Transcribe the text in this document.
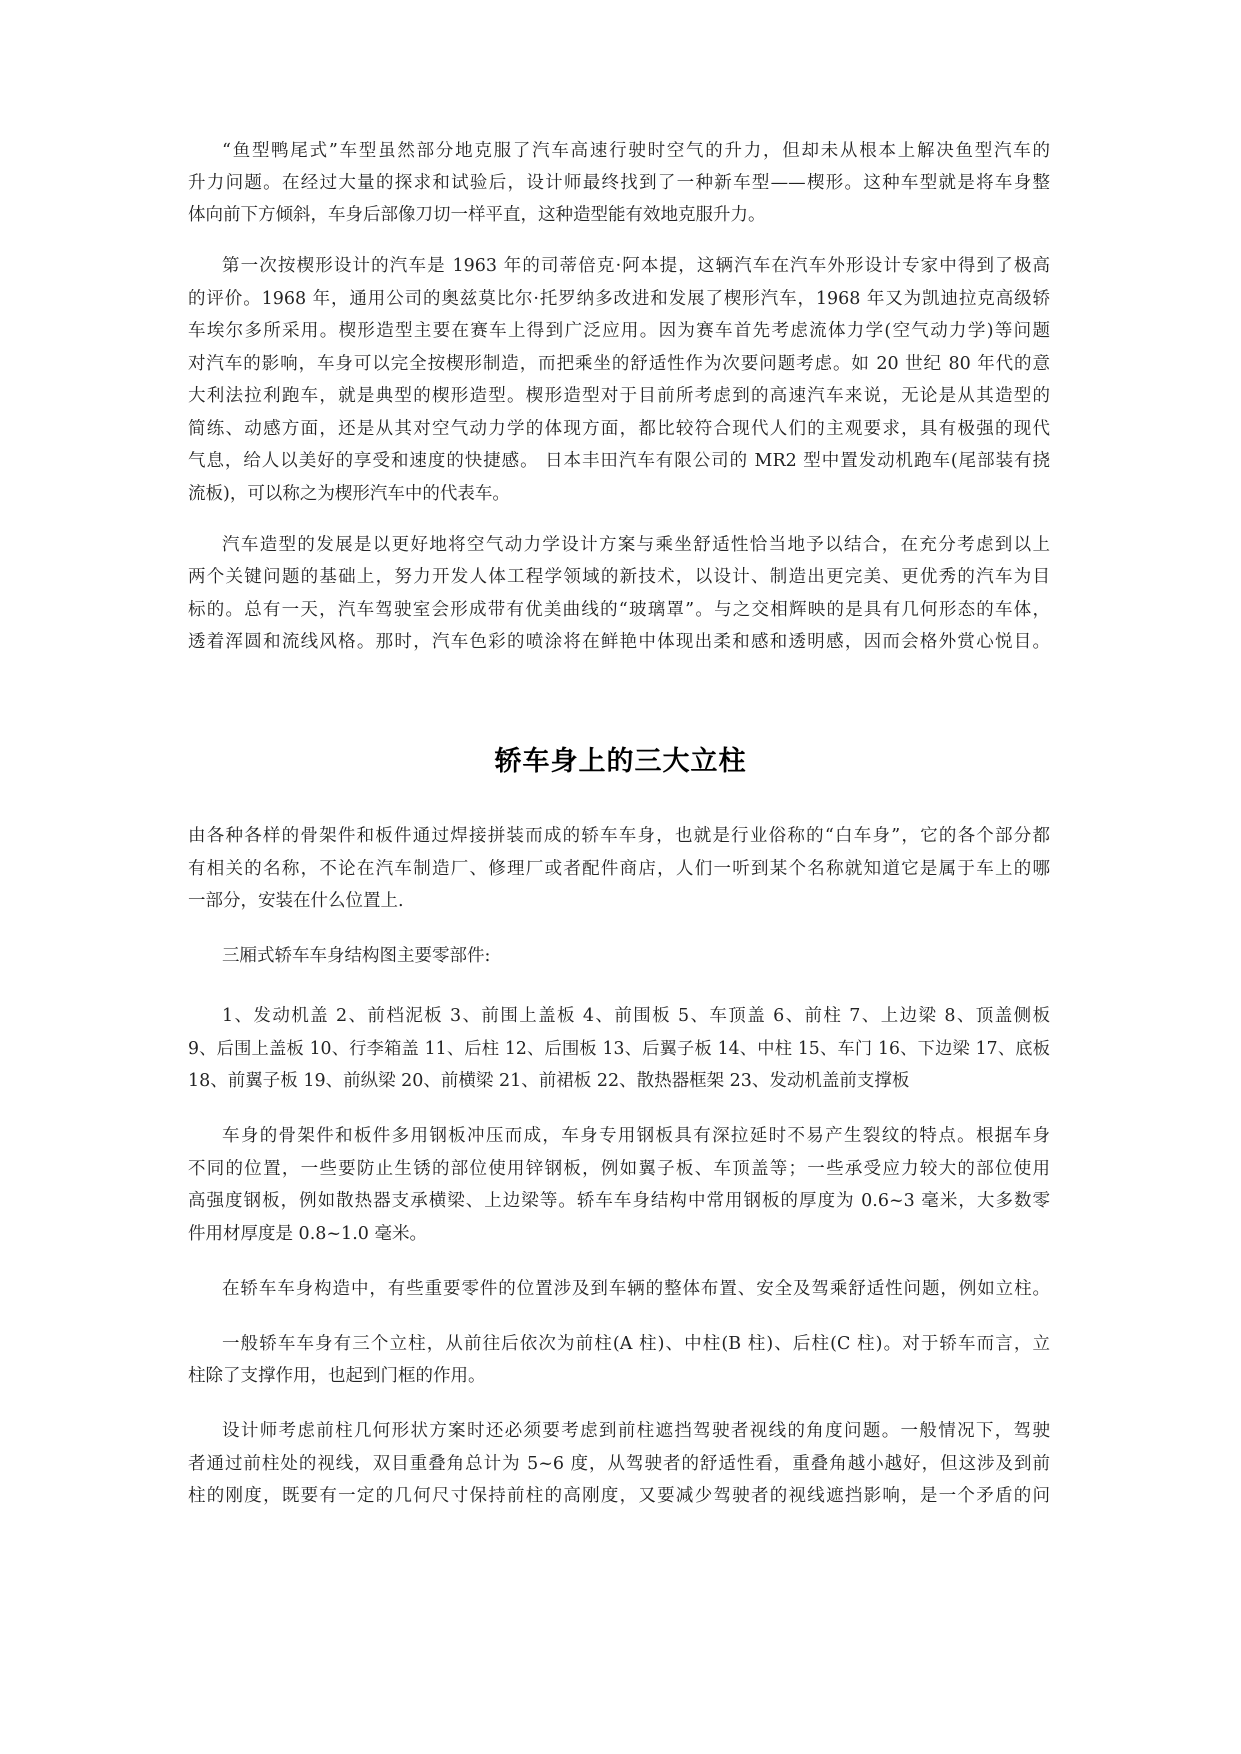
“鱼型鸭尾式”车型虽然部分地克服了汽车高速行驶时空气的升力，但却未从根本上解决鱼型汽车的
升力问题。在经过大量的探求和试验后，设计师最终找到了一种新车型——楔形。这种车型就是将车身整
体向前下方倾斜，车身后部像刀切一样平直，这种造型能有效地克服升力。
第一次按楔形设计的汽车是 1963 年的司蒂倍克·阿本提，这辆汽车在汽车外形设计专家中得到了极高
的评价。1968 年，通用公司的奥兹莫比尔·托罗纳多改进和发展了楔形汽车，1968 年又为凯迪拉克高级轿
车埃尔多所采用。楔形造型主要在赛车上得到广泛应用。因为赛车首先考虑流体力学(空气动力学)等问题
对汽车的影响，车身可以完全按楔形制造，而把乘坐的舒适性作为次要问题考虑。如 20 世纪 80 年代的意
大利法拉利跑车，就是典型的楔形造型。楔形造型对于目前所考虑到的高速汽车来说，无论是从其造型的
简练、动感方面，还是从其对空气动力学的体现方面，都比较符合现代人们的主观要求，具有极强的现代
气息，给人以美好的享受和速度的快捷感。 日本丰田汽车有限公司的 MR2 型中置发动机跑车(尾部装有挠
流板)，可以称之为楔形汽车中的代表车。
汽车造型的发展是以更好地将空气动力学设计方案与乘坐舒适性恰当地予以结合，在充分考虑到以上
两个关键问题的基础上，努力开发人体工程学领域的新技术，以设计、制造出更完美、更优秀的汽车为目
标的。总有一天，汽车驾驶室会形成带有优美曲线的“玻璃罩”。与之交相辉映的是具有几何形态的车体，
透着浑圆和流线风格。那时，汽车色彩的喷涂将在鲜艳中体现出柔和感和透明感，因而会格外赏心悦目。
轿车身上的三大立柱
由各种各样的骨架件和板件通过焊接拼装而成的轿车车身，也就是行业俗称的“白车身”，它的各个部分都
有相关的名称，不论在汽车制造厂、修理厂或者配件商店，人们一听到某个名称就知道它是属于车上的哪
一部分，安装在什么位置上.
三厢式轿车车身结构图主要零部件:
1、发动机盖 2、前档泥板 3、前围上盖板 4、前围板 5、车顶盖 6、前柱 7、上边梁 8、顶盖侧板
9、后围上盖板 10、行李箱盖 11、后柱 12、后围板 13、后翼子板 14、中柱 15、车门 16、下边梁 17、底板
18、前翼子板 19、前纵梁 20、前横梁 21、前裙板 22、散热器框架 23、发动机盖前支撑板
车身的骨架件和板件多用钢板冲压而成，车身专用钢板具有深拉延时不易产生裂纹的特点。根据车身
不同的位置，一些要防止生锈的部位使用锌钢板，例如翼子板、车顶盖等；一些承受应力较大的部位使用
高强度钢板，例如散热器支承横梁、上边梁等。轿车车身结构中常用钢板的厚度为 0.6~3 毫米，大多数零
件用材厚度是 0.8~1.0 毫米。
在轿车车身构造中，有些重要零件的位置涉及到车辆的整体布置、安全及驾乘舒适性问题，例如立柱。
一般轿车车身有三个立柱，从前往后依次为前柱(A 柱)、中柱(B 柱)、后柱(C 柱)。对于轿车而言，立
柱除了支撑作用，也起到门框的作用。
设计师考虑前柱几何形状方案时还必须要考虑到前柱遮挡驾驶者视线的角度问题。一般情况下，驾驶
者通过前柱处的视线，双目重叠角总计为 5~6 度，从驾驶者的舒适性看，重叠角越小越好，但这涉及到前
柱的刚度，既要有一定的几何尺寸保持前柱的高刚度，又要减少驾驶者的视线遮挡影响，是一个矛盾的问
